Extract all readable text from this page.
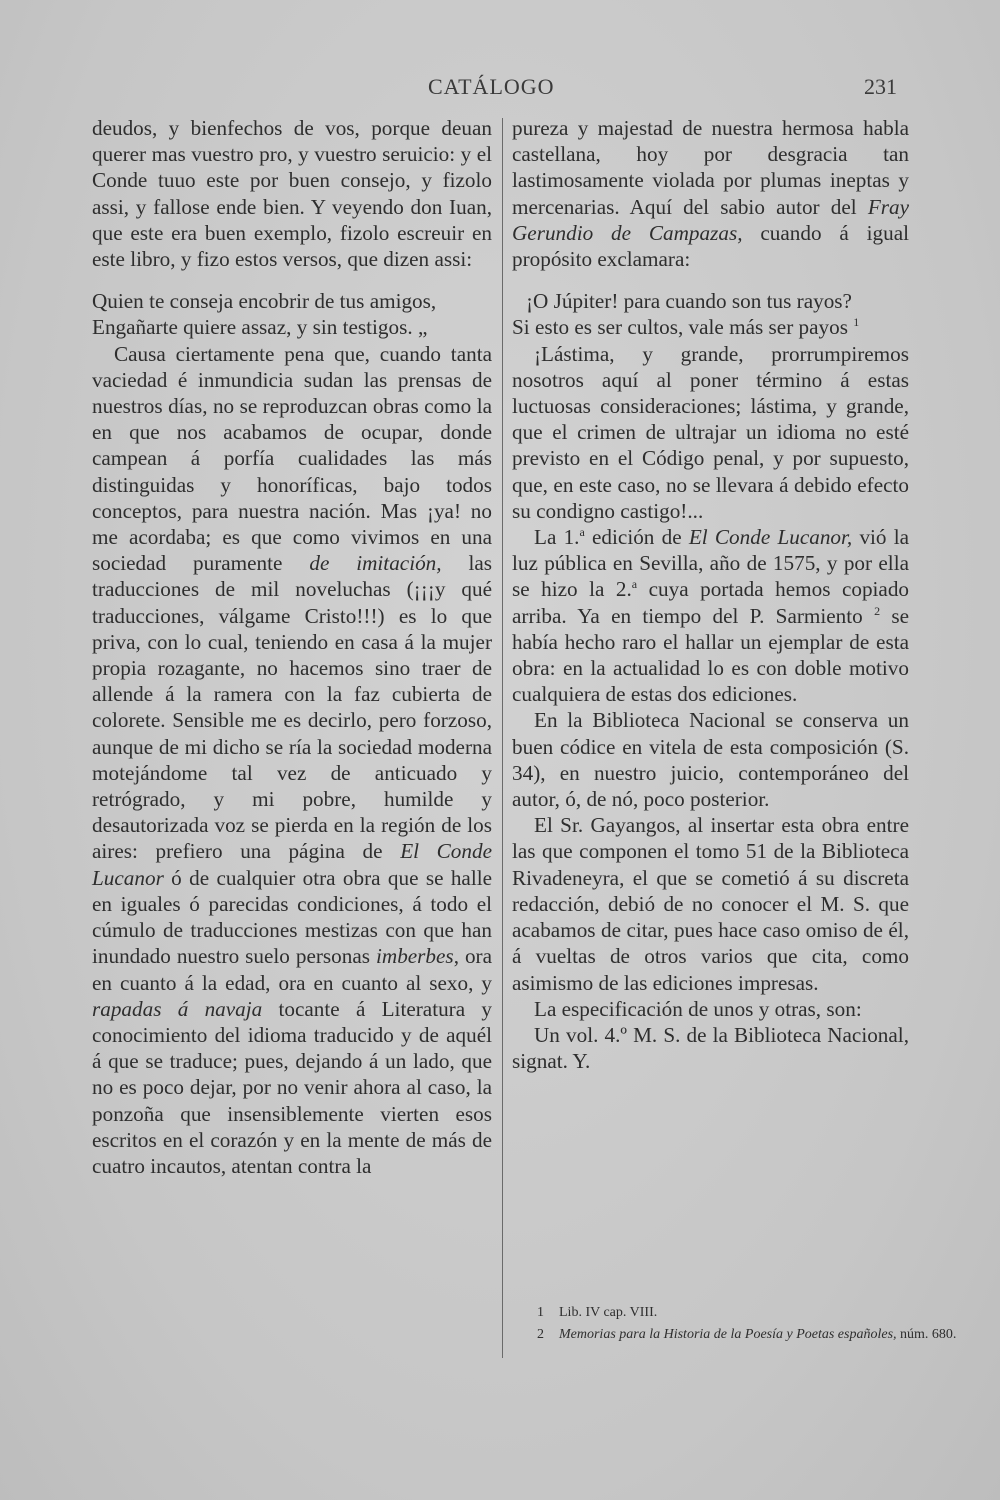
CATÁLOGO	231

deudos, y bienfechos de vos, porque deuan querer mas vuestro pro, y vuestro seruicio: y el Conde tuuo este por buen consejo, y fizolo assi, y fallose ende bien. Y veyendo don Iuan, que este era buen exemplo, fizolo escreuir en este libro, y fizo estos versos, que dizen assi:

Quien te conseja encobrir de tus amigos,
Engañarte quiere assaz, y sin testigos. „

Causa ciertamente pena que, cuando tanta vaciedad é inmundicia sudan las prensas de nuestros días, no se reproduzcan obras como la en que nos acabamos de ocupar, donde campean á porfía cualidades las más distinguidas y honoríficas, bajo todos conceptos, para nuestra nación. Mas ¡ya! no me acordaba; es que como vivimos en una sociedad puramente de imitación, las traducciones de mil noveluchas (¡¡¡y qué traducciones, válgame Cristo!!!) es lo que priva, con lo cual, teniendo en casa á la mujer propia rozagante, no hacemos sino traer de allende á la ramera con la faz cubierta de colorete. Sensible me es decirlo, pero forzoso, aunque de mi dicho se ría la sociedad moderna motejándome tal vez de anticuado y retrógrado, y mi pobre, humilde y desautorizada voz se pierda en la región de los aires: prefiero una página de El Conde Lucanor ó de cualquier otra obra que se halle en iguales ó parecidas condiciones, á todo el cúmulo de traducciones mestizas con que han inundado nuestro suelo personas imberbes, ora en cuanto á la edad, ora en cuanto al sexo, y rapadas á navaja tocante á Literatura y conocimiento del idioma traducido y de aquél á que se traduce; pues, dejando á un lado, que no es poco dejar, por no venir ahora al caso, la ponzoña que insensiblemente vierten esos escritos en el corazón y en la mente de más de cuatro incautos, atentan contra la

pureza y majestad de nuestra hermosa habla castellana, hoy por desgracia tan lastimosamente violada por plumas ineptas y mercenarias. Aquí del sabio autor del Fray Gerundio de Campazas, cuando á igual propósito exclamara:

¡O Júpiter! para cuando son tus rayos?
Si esto es ser cultos, vale más ser payos $^1$

¡Lástima, y grande, prorrumpiremos nosotros aquí al poner término á estas luctuosas consideraciones; lástima, y grande, que el crimen de ultrajar un idioma no esté previsto en el Código penal, y por supuesto, que, en este caso, no se llevara á debido efecto su condigno castigo!...

La 1.$^a$ edición de El Conde Lucanor, vió la luz pública en Sevilla, año de 1575, y por ella se hizo la 2.$^a$ cuya portada hemos copiado arriba. Ya en tiempo del P. Sarmiento $^2$ se había hecho raro el hallar un ejemplar de esta obra: en la actualidad lo es con doble motivo cualquiera de estas dos ediciones.

En la Biblioteca Nacional se conserva un buen códice en vitela de esta composición (S. 34), en nuestro juicio, contemporáneo del autor, ó, de nó, poco posterior.

El Sr. Gayangos, al insertar esta obra entre las que componen el tomo 51 de la Biblioteca Rivadeneyra, el que se cometió á su discreta redacción, debió de no conocer el M. S. que acabamos de citar, pues hace caso omiso de él, á vueltas de otros varios que cita, como asimismo de las ediciones impresas.

La especificación de unos y otras, son:

Un vol. 4.º M. S. de la Biblioteca Nacional, signat. Y.

1 Lib. IV cap. VIII.
2 Memorias para la Historia de la Poesía y Poetas españoles, núm. 680.
